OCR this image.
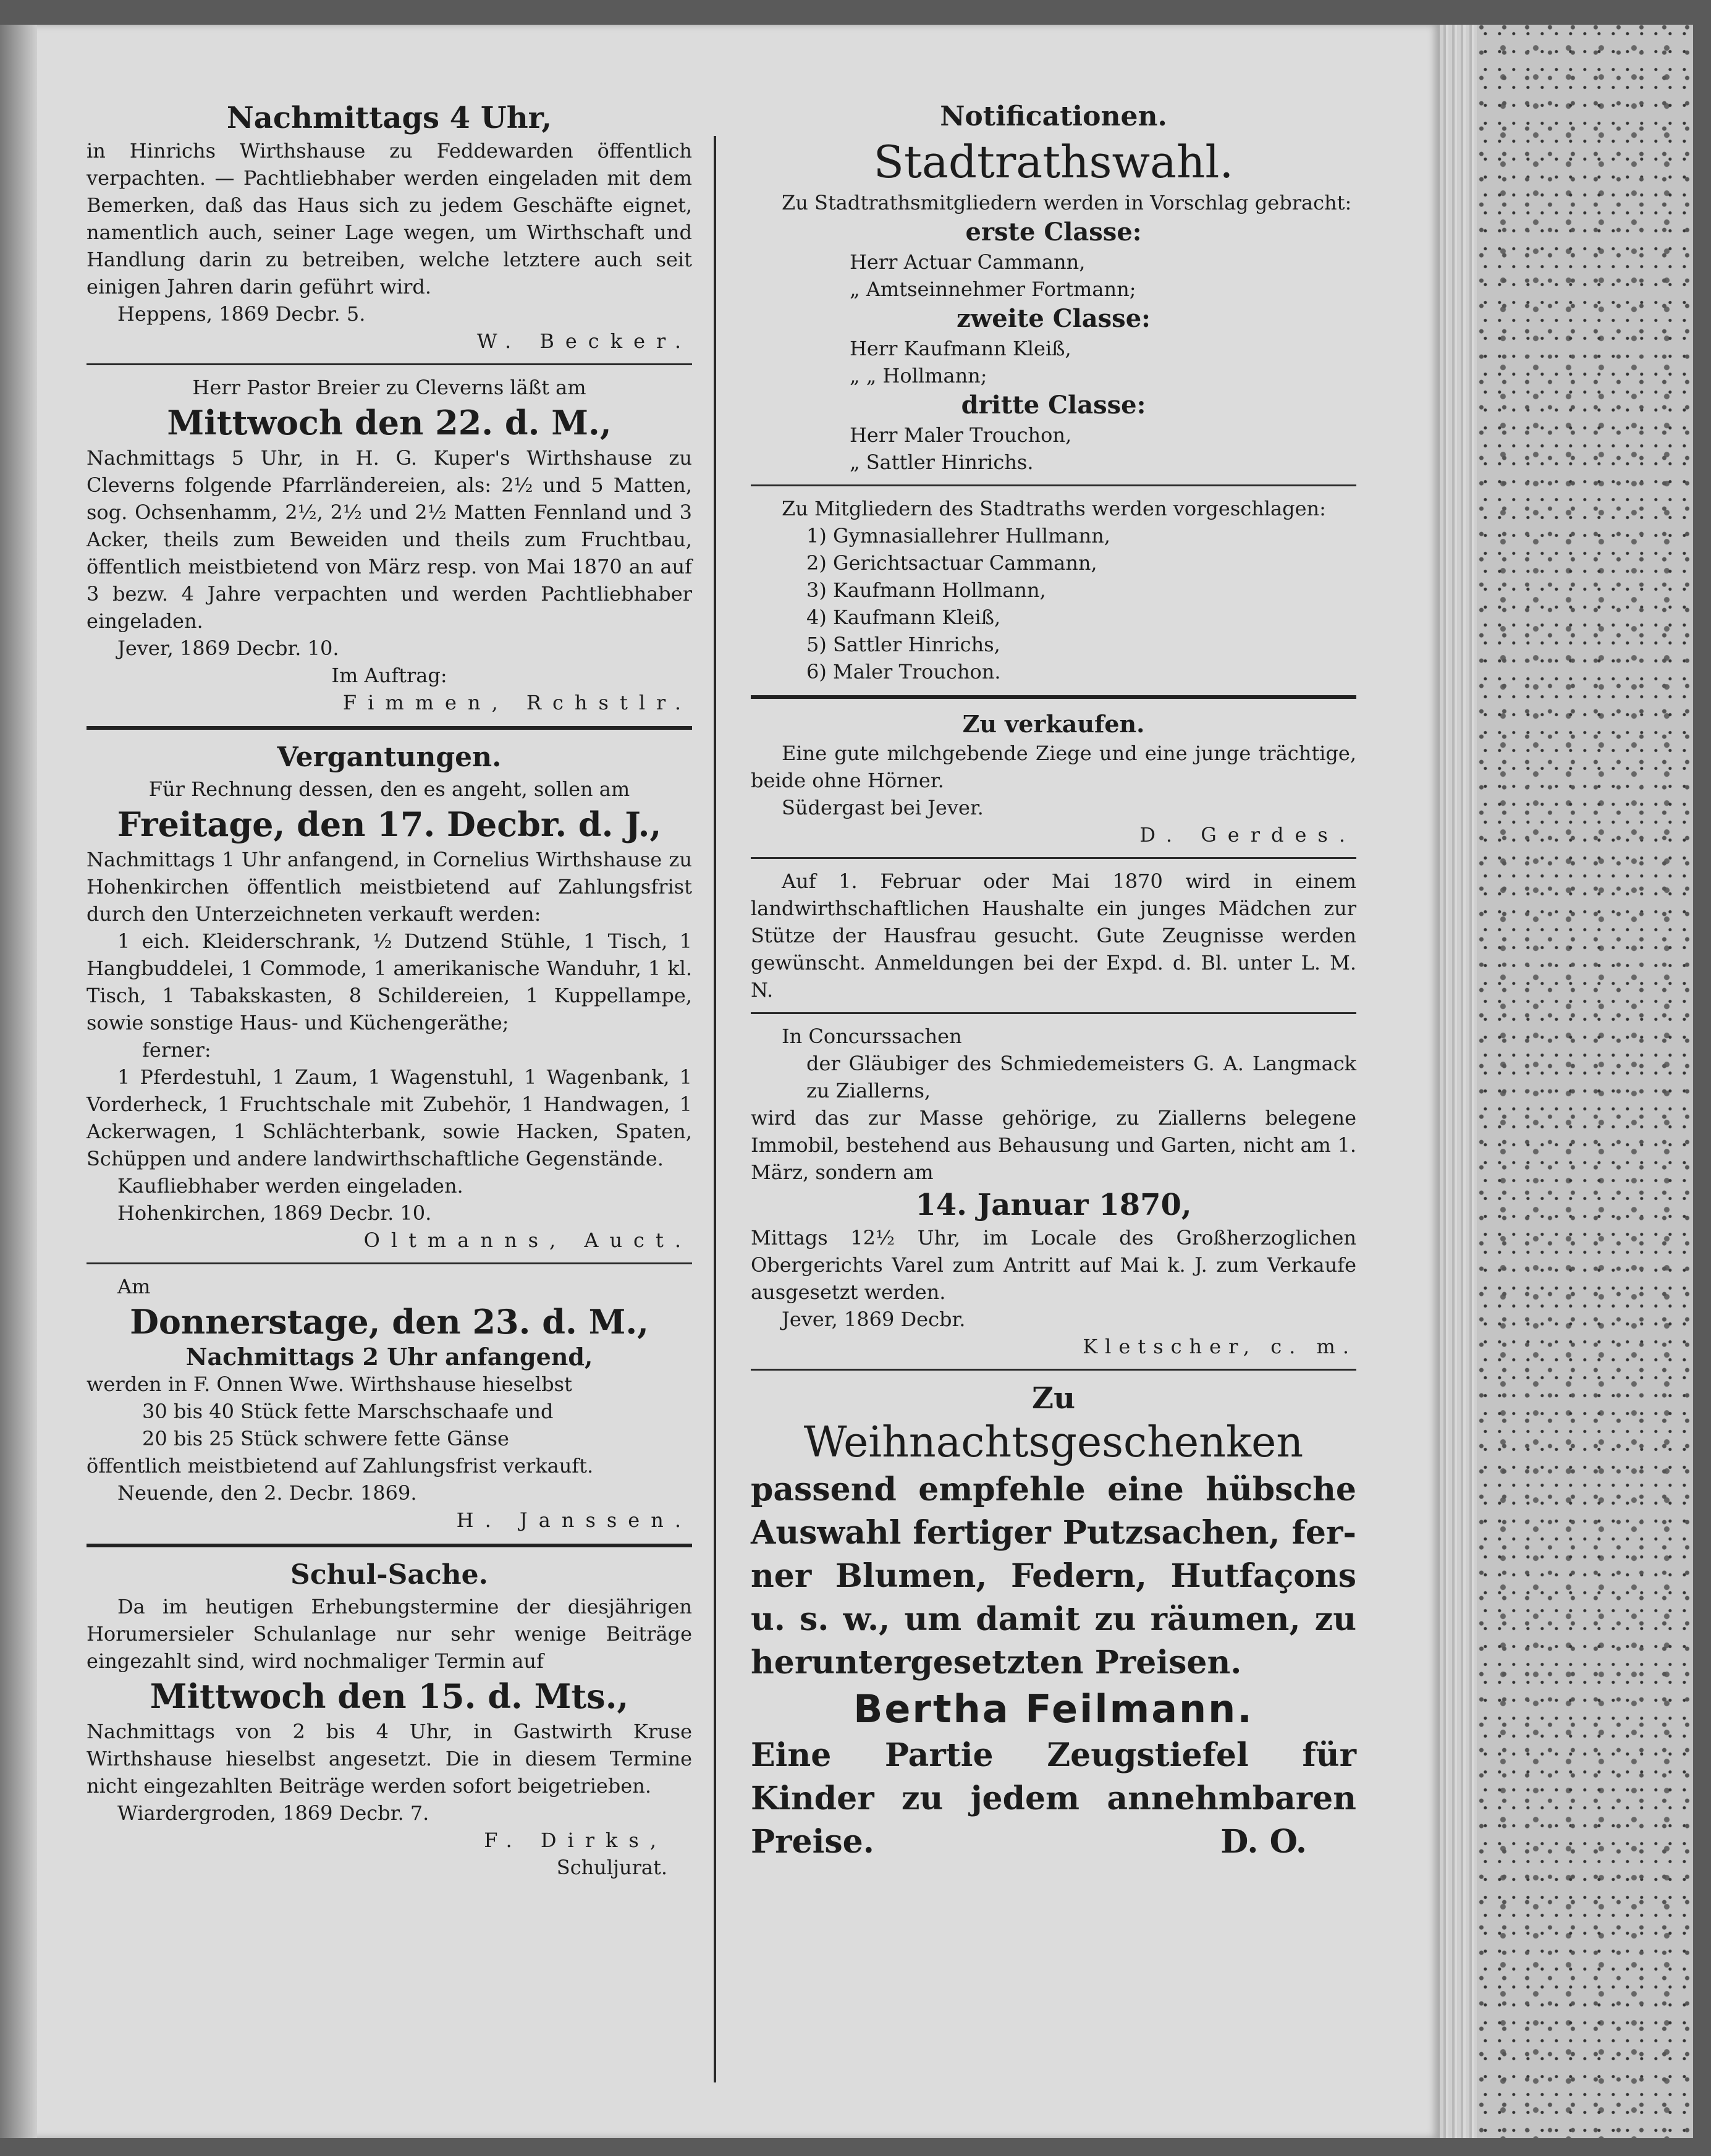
Nachmittags 4 Uhr,

in Hinrichs Wirthshause zu Feddewarden öffentlich verpachten. — Pachtliebhaber werden eingeladen mit dem Bemerken, daß das Haus sich zu jedem Geschäfte eignet, namentlich auch, seiner Lage wegen, um Wirthschaft und Handlung darin zu betreiben, welche letztere auch seit einigen Jahren darin geführt wird.

Heppens, 1869 Decbr. 5.

W. Becker.

Herr Pastor Breier zu Cleverns läßt am

Mittwoch den 22. d. M.,

Nachmittags 5 Uhr, in H. G. Kuper's Wirthshause zu Cleverns folgende Pfarrländereien, als: 2½ und 5 Matten, sog. Ochsenhamm, 2½, 2½ und 2½ Matten Fennland und 3 Acker, theils zum Beweiden und theils zum Fruchtbau, öffentlich meistbietend von März resp. von Mai 1870 an auf 3 bezw. 4 Jahre verpachten und werden Pachtliebhaber eingeladen.

Jever, 1869 Decbr. 10.

Im Auftrag:

Fimmen, Rchstlr.

Vergantungen.

Für Rechnung dessen, den es angeht, sollen am

Freitage, den 17. Decbr. d. J.,

Nachmittags 1 Uhr anfangend, in Cornelius Wirthshause zu Hohenkirchen öffentlich meistbietend auf Zahlungsfrist durch den Unterzeichneten verkauft werden:

1 eich. Kleiderschrank, ½ Dutzend Stühle, 1 Tisch, 1 Hangbuddelei, 1 Commode, 1 amerikanische Wanduhr, 1 kl. Tisch, 1 Tabakskasten, 8 Schildereien, 1 Kuppellampe, sowie sonstige Haus- und Küchengeräthe;

ferner:

1 Pferdestuhl, 1 Zaum, 1 Wagenstuhl, 1 Wagenbank, 1 Vorderheck, 1 Fruchtschale mit Zubehör, 1 Handwagen, 1 Ackerwagen, 1 Schlächterbank, sowie Hacken, Spaten, Schüppen und andere landwirthschaftliche Gegenstände.

Kaufliebhaber werden eingeladen.

Hohenkirchen, 1869 Decbr. 10.

Oltmanns, Auct.

Am

Donnerstage, den 23. d. M.,

Nachmittags 2 Uhr anfangend,

werden in F. Onnen Wwe. Wirthshause hieselbst

30 bis 40 Stück fette Marschschaafe und

20 bis 25 Stück schwere fette Gänse

öffentlich meistbietend auf Zahlungsfrist verkauft.

Neuende, den 2. Decbr. 1869.

H. Janssen.

Schul-Sache.

Da im heutigen Erhebungstermine der diesjährigen Horumersieler Schulanlage nur sehr wenige Beiträge eingezahlt sind, wird nochmaliger Termin auf

Mittwoch den 15. d. Mts.,

Nachmittags von 2 bis 4 Uhr, in Gastwirth Kruse Wirthshause hieselbst angesetzt. Die in diesem Termine nicht eingezahlten Beiträge werden sofort beigetrieben.

Wiardergroden, 1869 Decbr. 7.

F. Dirks,

Schuljurat.

Notificationen.

Stadtrathswahl.

Zu Stadtrathsmitgliedern werden in Vorschlag gebracht:

erste Classe:

Herr Actuar Cammann,

„ Amtseinnehmer Fortmann;

zweite Classe:

Herr Kaufmann Kleiß,

„ „ Hollmann;

dritte Classe:

Herr Maler Trouchon,

„ Sattler Hinrichs.

Zu Mitgliedern des Stadtraths werden vorgeschlagen:

1) Gymnasiallehrer Hullmann,

2) Gerichtsactuar Cammann,

3) Kaufmann Hollmann,

4) Kaufmann Kleiß,

5) Sattler Hinrichs,

6) Maler Trouchon.

Zu verkaufen.

Eine gute milchgebende Ziege und eine junge trächtige, beide ohne Hörner.

Südergast bei Jever.

D. Gerdes.

Auf 1. Februar oder Mai 1870 wird in einem landwirthschaftlichen Haushalte ein junges Mädchen zur Stütze der Hausfrau gesucht. Gute Zeugnisse werden gewünscht. Anmeldungen bei der Expd. d. Bl. unter L. M. N.

In Concurssachen

der Gläubiger des Schmiedemeisters G. A. Langmack zu Ziallerns,

wird das zur Masse gehörige, zu Ziallerns belegene Immobil, bestehend aus Behausung und Garten, nicht am 1. März, sondern am

14. Januar 1870,

Mittags 12½ Uhr, im Locale des Großherzoglichen Obergerichts Varel zum Antritt auf Mai k. J. zum Verkaufe ausgesetzt werden.

Jever, 1869 Decbr.

Kletscher, c. m.

Zu

Weihnachtsgeschenken

passend empfehle eine hübsche

Auswahl fertiger Putzsachen, fer-

ner Blumen, Federn, Hutfaçons

u. s. w., um damit zu räumen, zu

heruntergesetzten Preisen.

Bertha Feilmann.

Eine Partie Zeugstiefel für

Kinder zu jedem annehmbaren

Preise.	D. O.
